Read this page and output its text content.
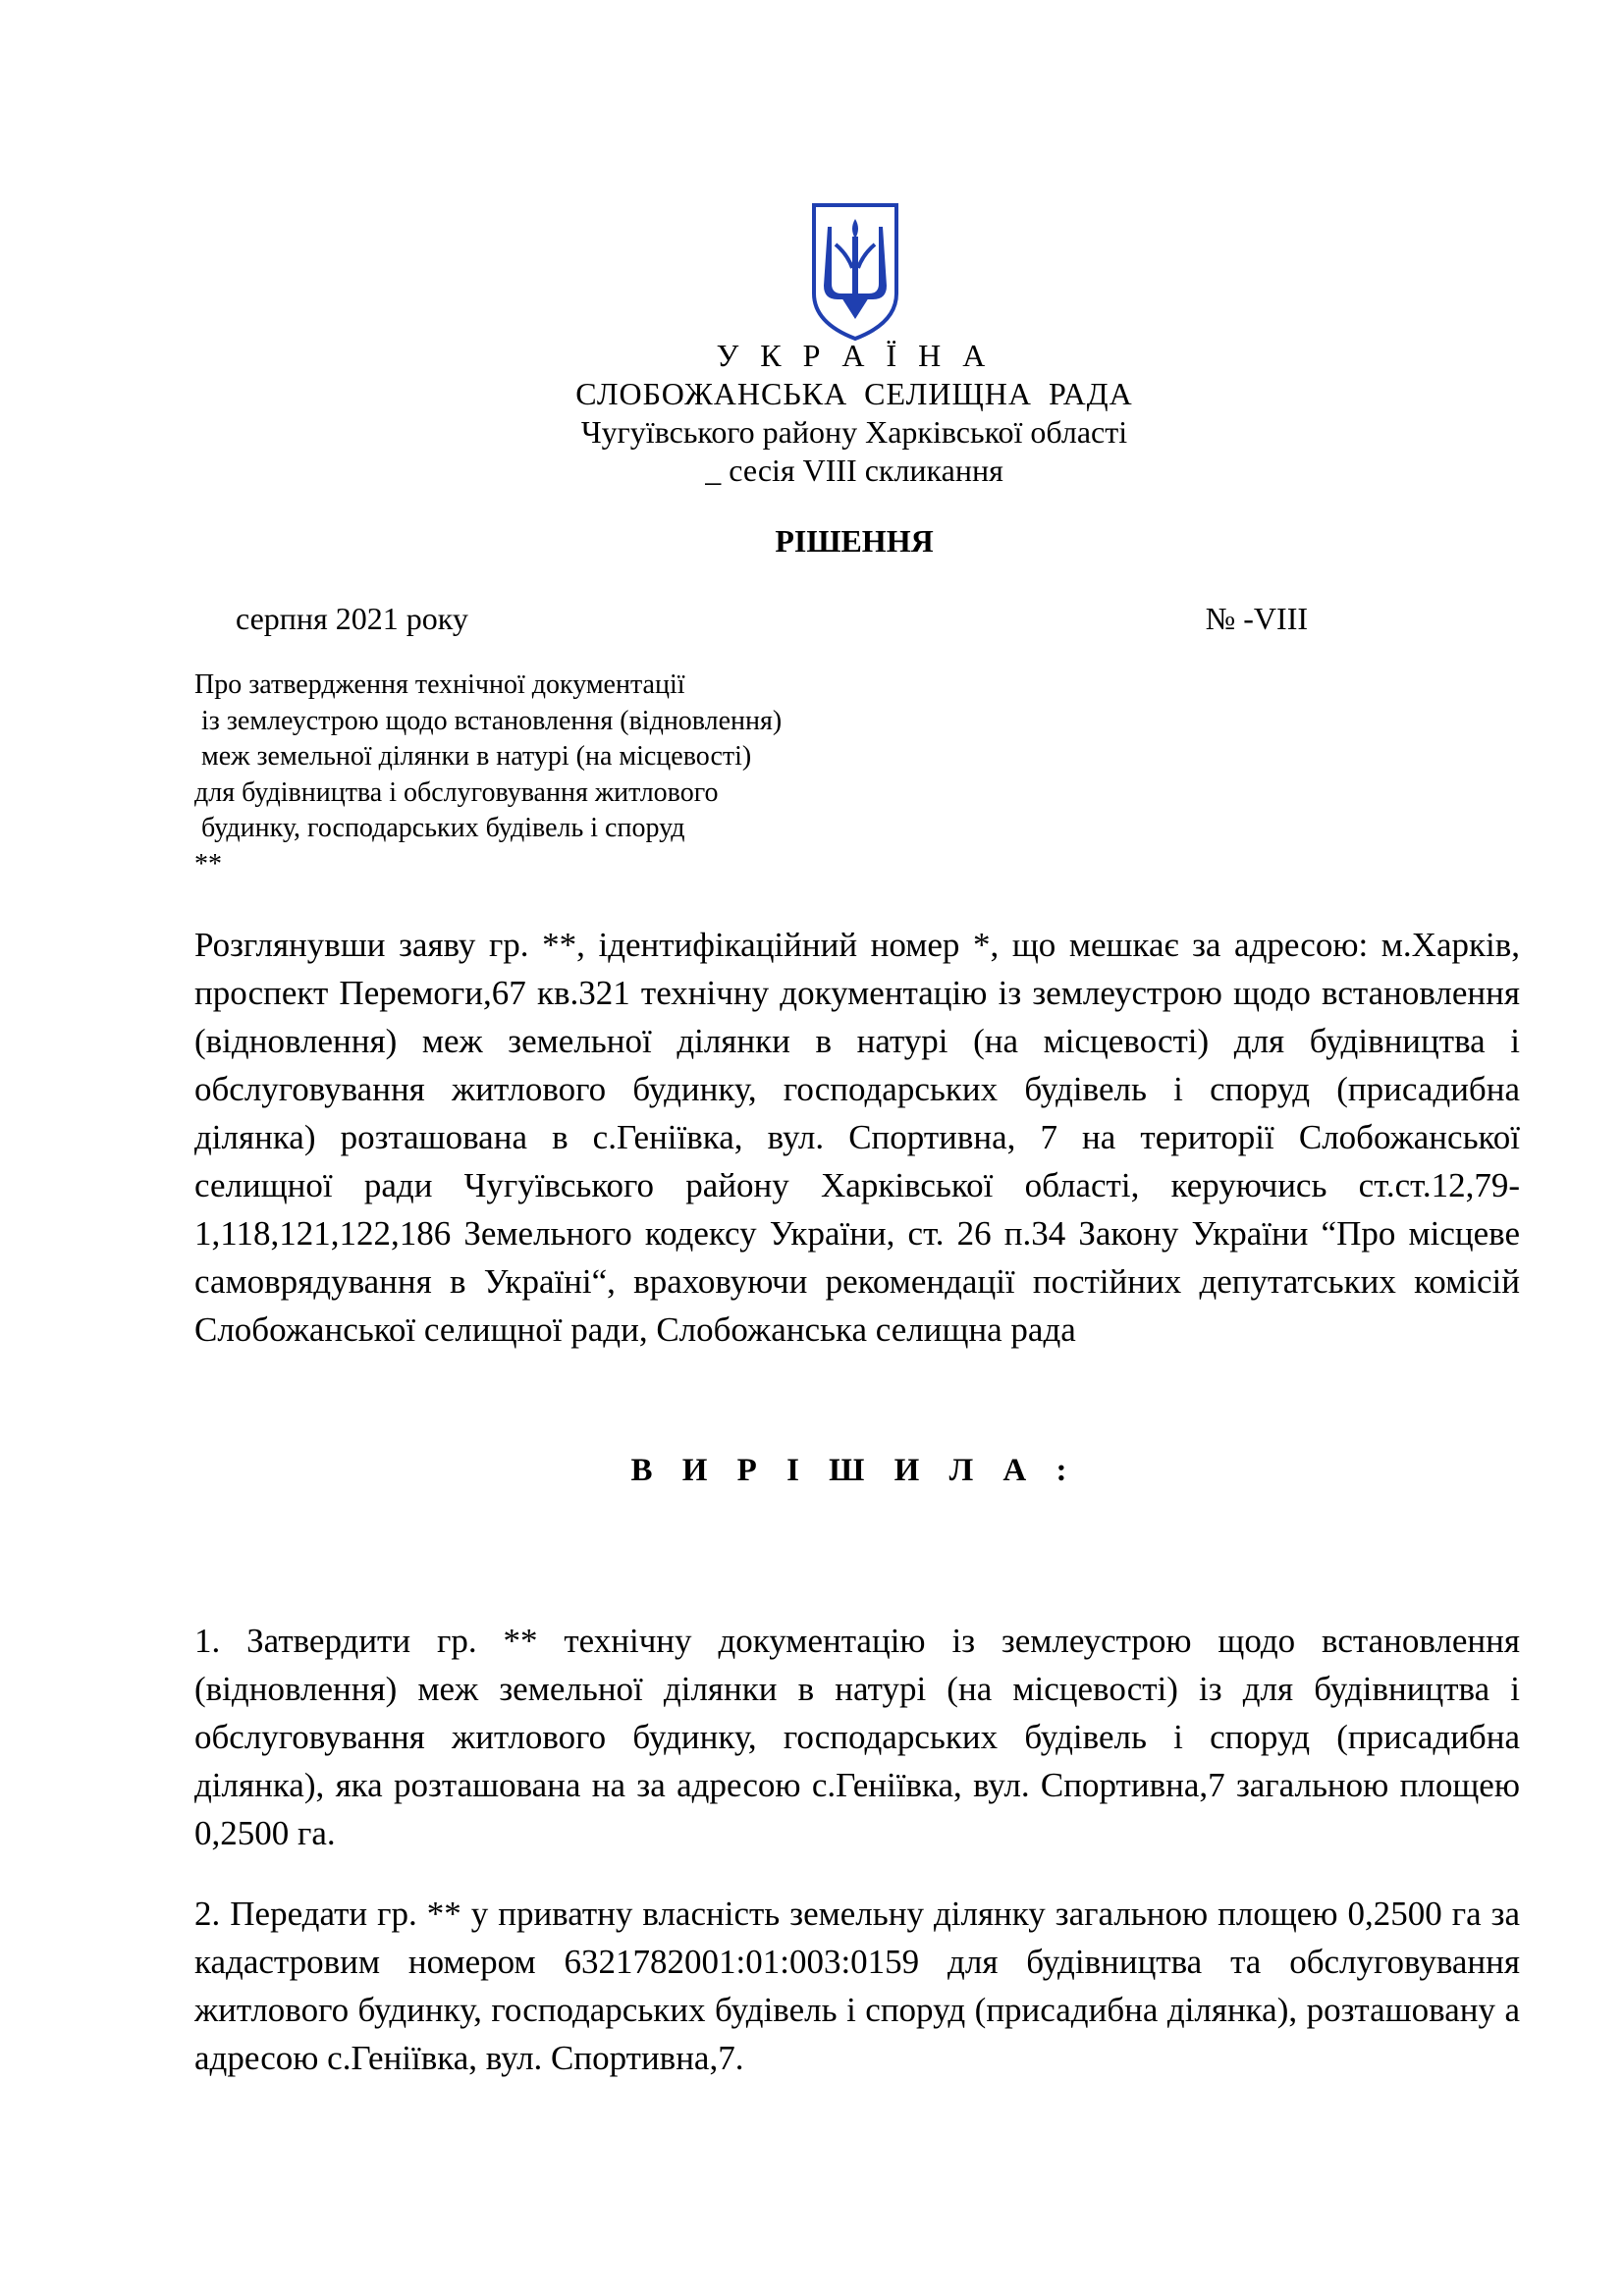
У К Р А Ї Н А
СЛОБОЖАНСЬКА СЕЛИЩНА РАДА
Чугуївського району Харківської області
_ сесія VIII скликання
РІШЕННЯ
серпня 2021 року	№ -VIII
Про затвердження технічної документації
із землеустрою щодо встановлення (відновлення)
меж земельної ділянки в натурі (на місцевості)
для будівництва і обслуговування житлового
будинку, господарських будівель і споруд
**
Розглянувши заяву гр. **, ідентифікаційний номер *, що мешкає за адресою: м.Харків, проспект Перемоги,67 кв.321 технічну документацію із землеустрою щодо встановлення (відновлення) меж земельної ділянки в натурі (на місцевості) для будівництва і обслуговування житлового будинку, господарських будівель і споруд (присадибна ділянка) розташована в с.Геніївка, вул. Спортивна, 7 на території Слобожанської селищної ради Чугуївського району Харківської області, керуючись ст.ст.12,79-1,118,121,122,186 Земельного кодексу України, ст. 26 п.34 Закону України “Про місцеве самоврядування в Україні“, враховуючи рекомендації постійних депутатських комісій Слобожанської селищної ради, Слобожанська селищна рада
В И Р І Ш И Л А :
1. Затвердити гр. ** технічну документацію із землеустрою щодо встановлення (відновлення) меж земельної ділянки в натурі (на місцевості) із для будівництва і обслуговування житлового будинку, господарських будівель і споруд (присадибна ділянка), яка розташована на за адресою с.Геніївка, вул. Спортивна,7 загальною площею 0,2500 га.
2. Передати гр. ** у приватну власність земельну ділянку загальною площею 0,2500 га за кадастровим номером 6321782001:01:003:0159 для будівництва та обслуговування житлового будинку, господарських будівель і споруд (присадибна ділянка), розташовану а адресою с.Геніївка, вул. Спортивна,7.
